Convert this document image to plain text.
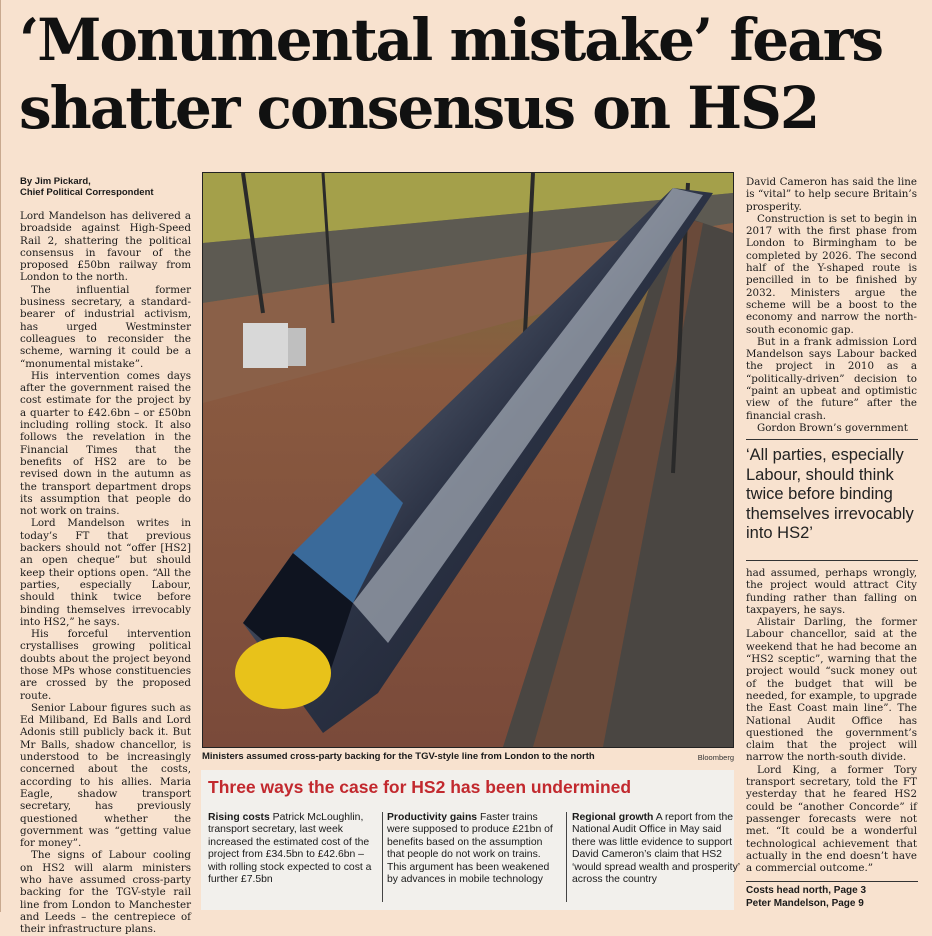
‘Monumental mistake’ fears shatter consensus on HS2
By Jim Pickard,
Chief Political Correspondent

Lord Mandelson has delivered a broadside against High-Speed Rail 2, shattering the political consensus in favour of the proposed £50bn railway from London to the north.

The influential former business secretary, a standard-bearer of industrial activism, has urged Westminster colleagues to reconsider the scheme, warning it could be a “monumental mistake”.

His intervention comes days after the government raised the cost estimate for the project by a quarter to £42.6bn – or £50bn including rolling stock. It also follows the revelation in the Financial Times that the benefits of HS2 are to be revised down in the autumn as the transport department drops its assumption that people do not work on trains.

Lord Mandelson writes in today’s FT that previous backers should not “offer [HS2] an open cheque” but should keep their options open. “All the parties, especially Labour, should think twice before binding themselves irrevocably into HS2,” he says.

His forceful intervention crystallises growing political doubts about the project beyond those MPs whose constituencies are crossed by the proposed route.

Senior Labour figures such as Ed Miliband, Ed Balls and Lord Adonis still publicly back it. But Mr Balls, shadow chancellor, is understood to be increasingly concerned about the costs, according to his allies. Maria Eagle, shadow transport secretary, has previously questioned whether the government was “getting value for money”.

The signs of Labour cooling on HS2 will alarm ministers who have assumed cross-party backing for the TGV-style rail line from London to Manchester and Leeds – the centrepiece of their infrastructure plans.

Ministers assumed cross-party backing for the TGV-style line from London to the north	Bloomberg
Three ways the case for HS2 has been undermined
Rising costs Patrick McLoughlin, transport secretary, last week increased the estimated cost of the project from £34.5bn to £42.6bn – with rolling stock expected to cost a further £7.5bn
Productivity gains Faster trains were supposed to produce £21bn of benefits based on the assumption that people do not work on trains. This argument has been weakened by advances in mobile technology
Regional growth A report from the National Audit Office in May said there was little evidence to support David Cameron’s claim that HS2 ‘would spread wealth and prosperity’ across the country

David Cameron has said the line is “vital” to help secure Britain’s prosperity.

Construction is set to begin in 2017 with the first phase from London to Birmingham to be completed by 2026. The second half of the Y-shaped route is pencilled in to be finished by 2032. Ministers argue the scheme will be a boost to the economy and narrow the north-south economic gap.

But in a frank admission Lord Mandelson says Labour backed the project in 2010 as a “politically-driven” decision to “paint an upbeat and optimistic view of the future” after the financial crash.

Gordon Brown’s government

‘All parties, especially Labour, should think twice before binding themselves irrevocably into HS2’

had assumed, perhaps wrongly, the project would attract City funding rather than falling on taxpayers, he says.

Alistair Darling, the former Labour chancellor, said at the weekend that he had become an “HS2 sceptic”, warning that the project would “suck money out of the budget that will be needed, for example, to upgrade the East Coast main line”. The National Audit Office has questioned the government’s claim that the project will narrow the north-south divide.

Lord King, a former Tory transport secretary, told the FT yesterday that he feared HS2 could be “another Concorde” if passenger forecasts were not met. “It could be a wonderful technological achievement that actually in the end doesn’t have a commercial outcome.”

Costs head north, Page 3
Peter Mandelson, Page 9
